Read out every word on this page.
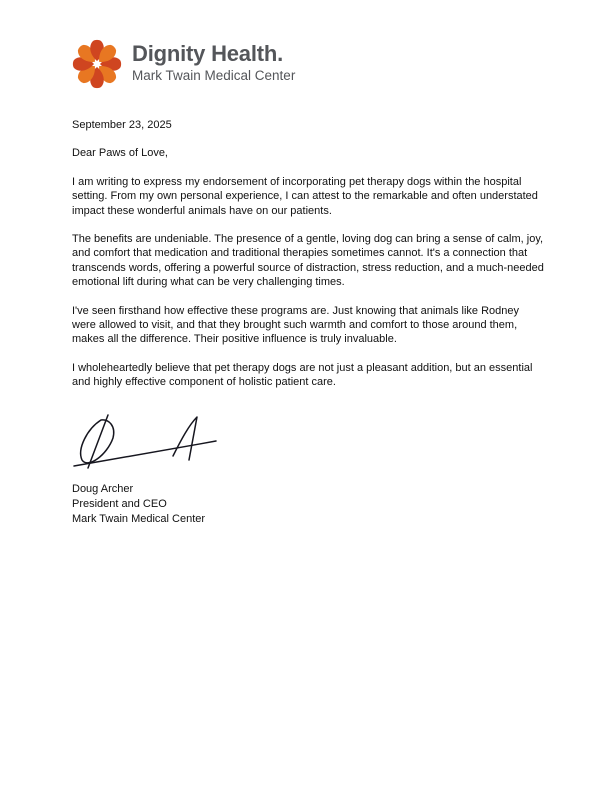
Dignity Health.
Mark Twain Medical Center

September 23, 2025

Dear Paws of Love,

I am writing to express my endorsement of incorporating pet therapy dogs within the hospital setting. From my own personal experience, I can attest to the remarkable and often understated impact these wonderful animals have on our patients.

The benefits are undeniable. The presence of a gentle, loving dog can bring a sense of calm, joy, and comfort that medication and traditional therapies sometimes cannot. It's a connection that transcends words, offering a powerful source of distraction, stress reduction, and a much-needed emotional lift during what can be very challenging times.

I've seen firsthand how effective these programs are. Just knowing that animals like Rodney were allowed to visit, and that they brought such warmth and comfort to those around them, makes all the difference. Their positive influence is truly invaluable.

I wholeheartedly believe that pet therapy dogs are not just a pleasant addition, but an essential and highly effective component of holistic patient care.

Doug Archer
President and CEO
Mark Twain Medical Center
